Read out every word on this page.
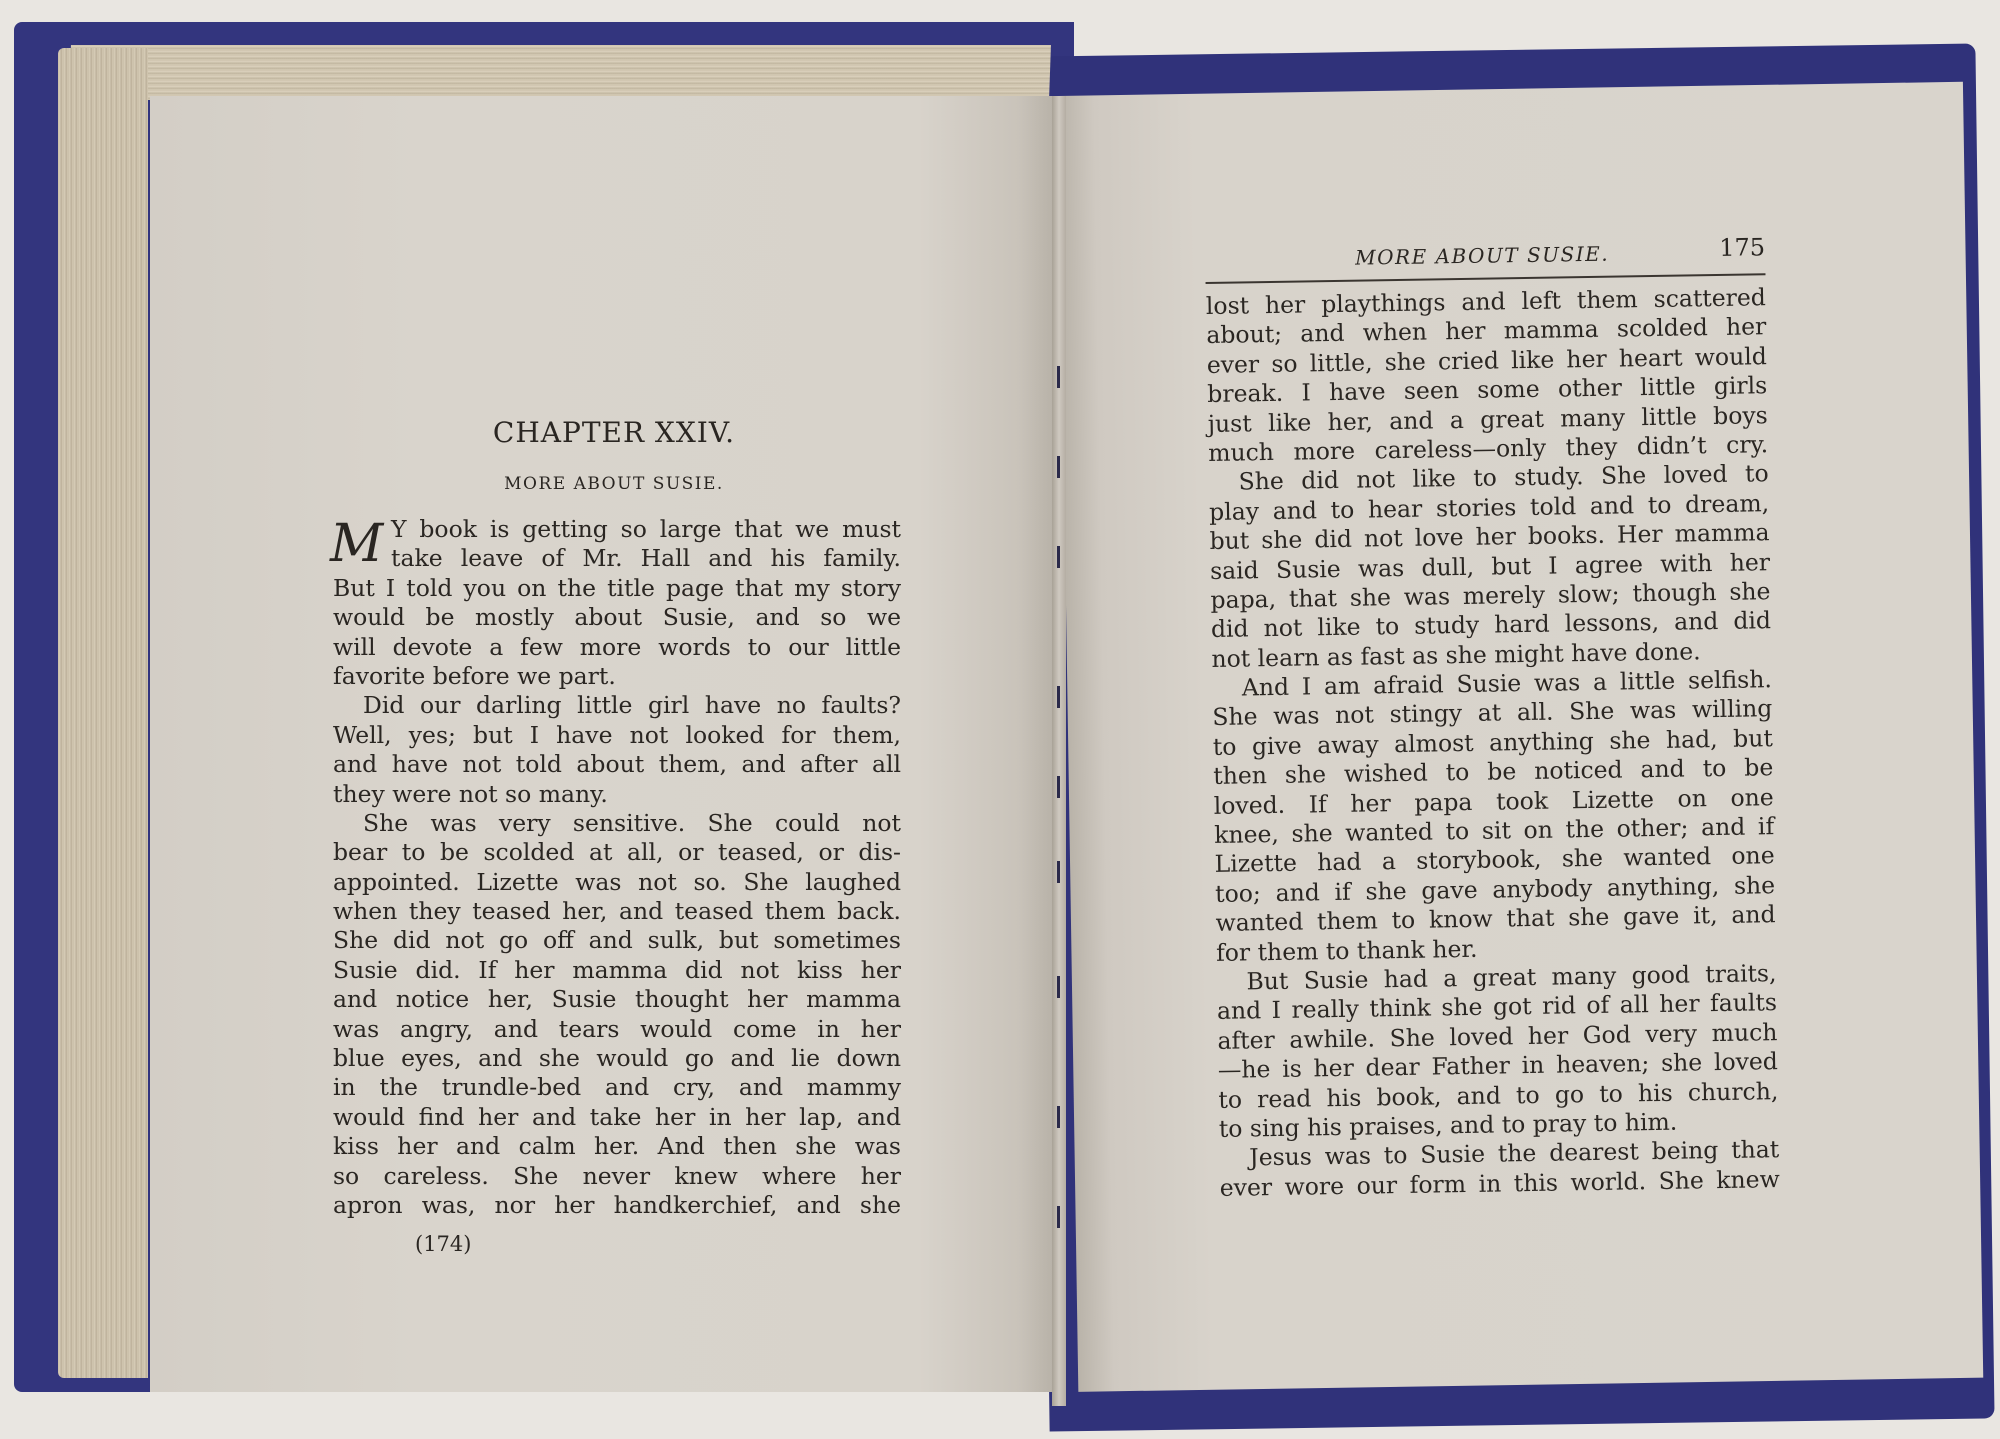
CHAPTER XXIV.
MORE ABOUT SUSIE.
M Y book is getting so large that we must
take leave of Mr. Hall and his family.
But I told you on the title page that my story
would be mostly about Susie, and so we
will devote a few more words to our little
favorite before we part.
Did our darling little girl have no faults?
Well, yes; but I have not looked for them,
and have not told about them, and after all
they were not so many.
She was very sensitive. She could not
bear to be scolded at all, or teased, or dis-
appointed. Lizette was not so. She laughed
when they teased her, and teased them back.
She did not go off and sulk, but sometimes
Susie did. If her mamma did not kiss her
and notice her, Susie thought her mamma
was angry, and tears would come in her
blue eyes, and she would go and lie down
in the trundle-bed and cry, and mammy
would find her and take her in her lap, and
kiss her and calm her. And then she was
so careless. She never knew where her
apron was, nor her handkerchief, and she
(174)
MORE ABOUT SUSIE.	175
lost her playthings and left them scattered
about; and when her mamma scolded her
ever so little, she cried like her heart would
break. I have seen some other little girls
just like her, and a great many little boys
much more careless—only they didn’t cry.
She did not like to study. She loved to
play and to hear stories told and to dream,
but she did not love her books. Her mamma
said Susie was dull, but I agree with her
papa, that she was merely slow; though she
did not like to study hard lessons, and did
not learn as fast as she might have done.
And I am afraid Susie was a little selfish.
She was not stingy at all. She was willing
to give away almost anything she had, but
then she wished to be noticed and to be
loved. If her papa took Lizette on one
knee, she wanted to sit on the other; and if
Lizette had a storybook, she wanted one
too; and if she gave anybody anything, she
wanted them to know that she gave it, and
for them to thank her.
But Susie had a great many good traits,
and I really think she got rid of all her faults
after awhile. She loved her God very much
—he is her dear Father in heaven; she loved
to read his book, and to go to his church,
to sing his praises, and to pray to him.
Jesus was to Susie the dearest being that
ever wore our form in this world. She knew
